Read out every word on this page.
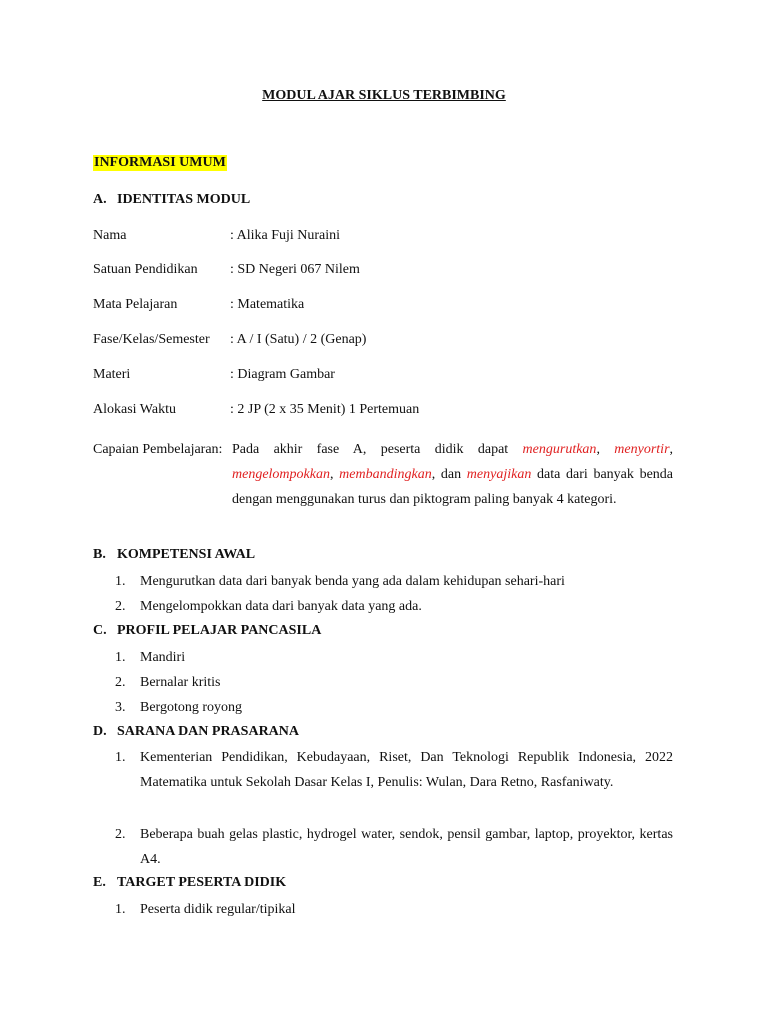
MODUL AJAR SIKLUS TERBIMBING
INFORMASI UMUM
A. IDENTITAS MODUL
Nama	: Alika Fuji Nuraini
Satuan Pendidikan : SD Negeri 067 Nilem
Mata Pelajaran	: Matematika
Fase/Kelas/Semester : A / I (Satu) / 2 (Genap)
Materi	: Diagram Gambar
Alokasi Waktu	: 2 JP (2 x 35 Menit) 1 Pertemuan
Capaian Pembelajaran: Pada akhir fase A, peserta didik dapat mengurutkan, menyortir, mengelompokkan, membandingkan, dan menyajikan data dari banyak benda dengan menggunakan turus dan piktogram paling banyak 4 kategori.
B. KOMPETENSI AWAL
1. Mengurutkan data dari banyak benda yang ada dalam kehidupan sehari-hari
2. Mengelompokkan data dari banyak data yang ada.
C. PROFIL PELAJAR PANCASILA
1. Mandiri
2. Bernalar kritis
3. Bergotong royong
D. SARANA DAN PRASARANA
1. Kementerian Pendidikan, Kebudayaan, Riset, Dan Teknologi Republik Indonesia, 2022 Matematika untuk Sekolah Dasar Kelas I, Penulis: Wulan, Dara Retno, Rasfaniwaty.
2. Beberapa buah gelas plastic, hydrogel water, sendok, pensil gambar, laptop, proyektor, kertas A4.
E. TARGET PESERTA DIDIK
1. Peserta didik regular/tipikal
